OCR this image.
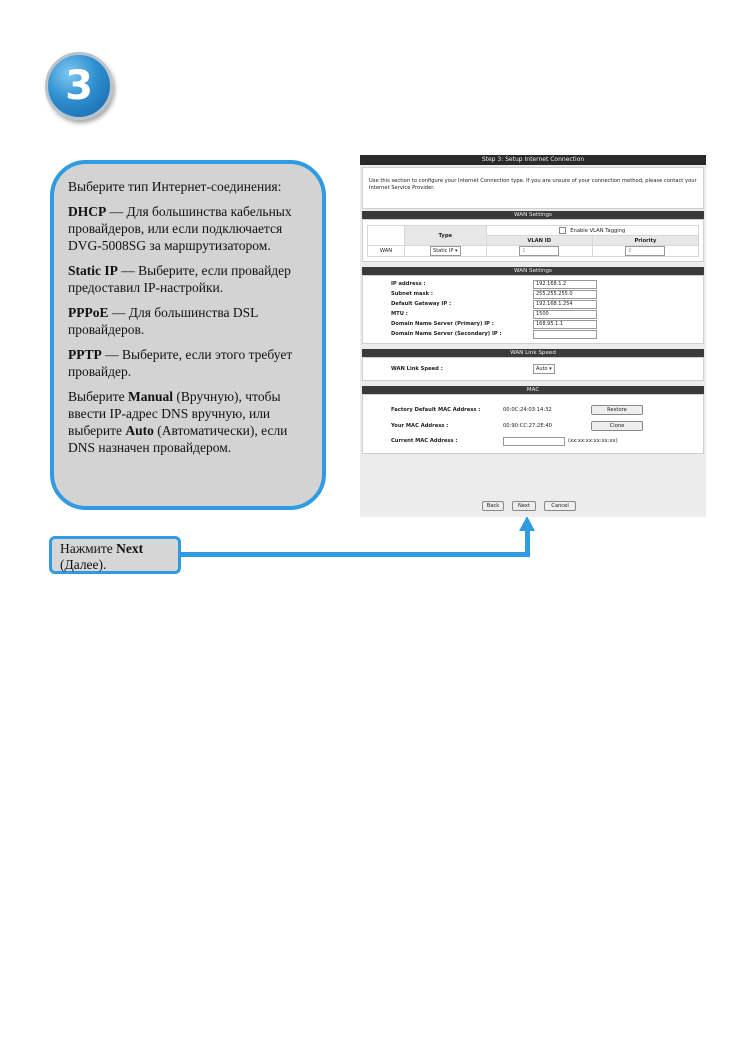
3

Выберите тип Интернет-соединения:

DHCP — Для большинства кабельных провайдеров, или если подключается DVG-5008SG за маршрутизатором.

Static IP — Выберите, если провайдер предоставил IP-настройки.

PPPoE — Для большинства DSL провайдеров.

PPTP — Выберите, если этого требует провайдер.

Выберите Manual (Вручную), чтобы ввести IP-адрес DNS вручную, или выберите Auto (Автоматически), если DNS назначен провайдером.

Нажмите Next (Далее).
Step 3: Setup Internet Connection
Use this section to configure your Internet Connection type. If you are unsure of your connection method, please contact your Internet Service Provider.
WAN Settings
	Type	Enable VLAN Tagging	
		VLAN ID	Priority
WAN	Static IP ▾	1	0
WAN Settings
IP address :	192.168.1.2
Subnet mask :	255.255.255.0
Default Gateway IP :	192.168.1.254
MTU :	1500
Domain Name Server (Primary) IP :	168.95.1.1
Domain Name Server (Secondary) IP :
WAN Link Speed
WAN Link Speed :	Auto ▾
MAC
Factory Default MAC Address :	00:0C:24:03:14:32	Restore
Your MAC Address :	00:90:CC:27:2E:40	Clone
Current MAC Address :	(xx:xx:xx:xx:xx:xx)
Back	Next	Cancel
